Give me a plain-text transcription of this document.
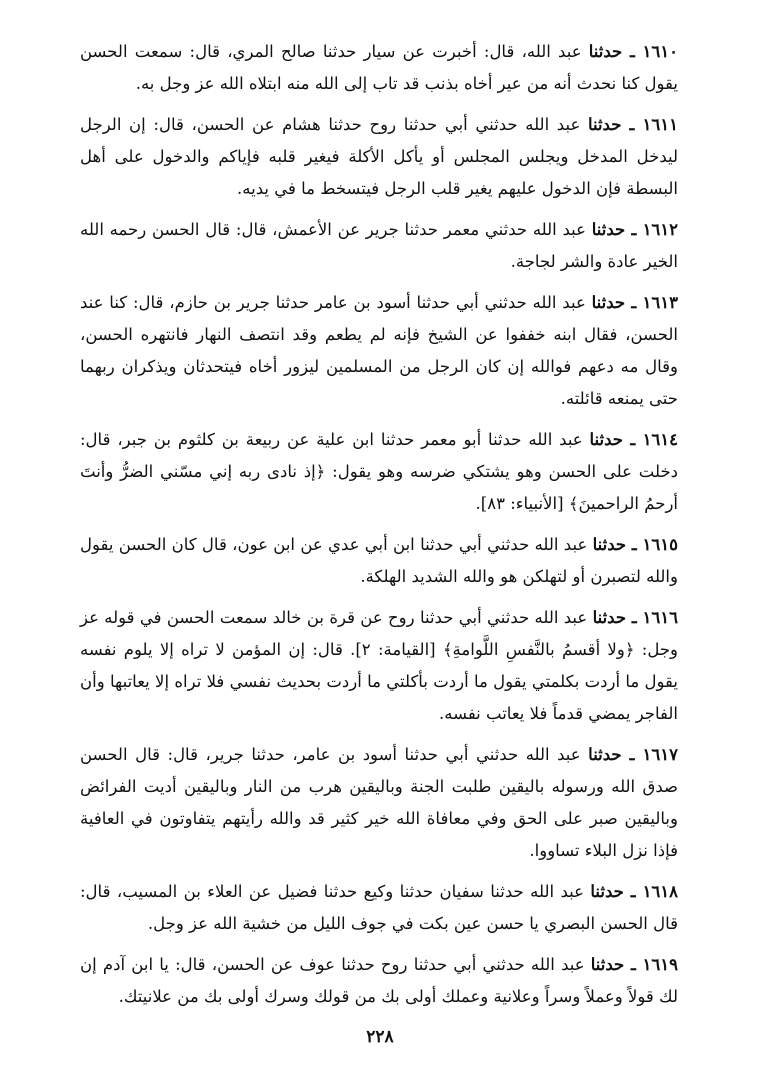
١٦١٠ ـ حدثنا عبد الله، قال: أخبرت عن سيار حدثنا صالح المري، قال: سمعت الحسن يقول كنا نحدث أنه من عير أخاه بذنب قد تاب إلى الله منه ابتلاه الله عز وجل به.

١٦١١ ـ حدثنا عبد الله حدثني أبي حدثنا روح حدثنا هشام عن الحسن، قال: إن الرجل ليدخل المدخل ويجلس المجلس أو يأكل الأكلة فيغير قلبه فإياكم والدخول على أهل البسطة فإن الدخول عليهم يغير قلب الرجل فيتسخط ما في يديه.

١٦١٢ ـ حدثنا عبد الله حدثني معمر حدثنا جرير عن الأعمش، قال: قال الحسن رحمه الله الخير عادة والشر لجاجة.

١٦١٣ ـ حدثنا عبد الله حدثني أبي حدثنا أسود بن عامر حدثنا جرير بن حازم، قال: كنا عند الحسن، فقال ابنه خففوا عن الشيخ فإنه لم يطعم وقد انتصف النهار فانتهره الحسن، وقال مه دعهم فوالله إن كان الرجل من المسلمين ليزور أخاه فيتحدثان ويذكران ربهما حتى يمنعه قائلته.

١٦١٤ ـ حدثنا عبد الله حدثنا أبو معمر حدثنا ابن علية عن ربيعة بن كلثوم بن جبر، قال: دخلت على الحسن وهو يشتكي ضرسه وهو يقول: ﴿إذ نادى ربه إني مسّني الضرُّ وأنتَ أرحمُ الراحمينَ﴾ [الأنبياء: ٨٣].

١٦١٥ ـ حدثنا عبد الله حدثني أبي حدثنا ابن أبي عدي عن ابن عون، قال كان الحسن يقول والله لتصبرن أو لتهلكن هو والله الشديد الهلكة.

١٦١٦ ـ حدثنا عبد الله حدثني أبي حدثنا روح عن قرة بن خالد سمعت الحسن في قوله عز وجل: ﴿ولا أقسمُ بالنَّفسِ اللَّوامةِ﴾ [القيامة: ٢]. قال: إن المؤمن لا تراه إلا يلوم نفسه يقول ما أردت بكلمتي يقول ما أردت بأكلتي ما أردت بحديث نفسي فلا تراه إلا يعاتبها وأن الفاجر يمضي قدماً فلا يعاتب نفسه.

١٦١٧ ـ حدثنا عبد الله حدثني أبي حدثنا أسود بن عامر، حدثنا جرير، قال: قال الحسن صدق الله ورسوله باليقين طلبت الجنة وباليقين هرب من النار وباليقين أديت الفرائض وباليقين صبر على الحق وفي معافاة الله خير كثير قد والله رأيتهم يتفاوتون في العافية فإذا نزل البلاء تساووا.

١٦١٨ ـ حدثنا عبد الله حدثنا سفيان حدثنا وكيع حدثنا فضيل عن العلاء بن المسيب، قال: قال الحسن البصري يا حسن عين بكت في جوف الليل من خشية الله عز وجل.

١٦١٩ ـ حدثنا عبد الله حدثني أبي حدثنا روح حدثنا عوف عن الحسن، قال: يا ابن آدم إن لك قولاً وعملاً وسراً وعلانية وعملك أولى بك من قولك وسرك أولى بك من علانيتك.

٢٢٨
